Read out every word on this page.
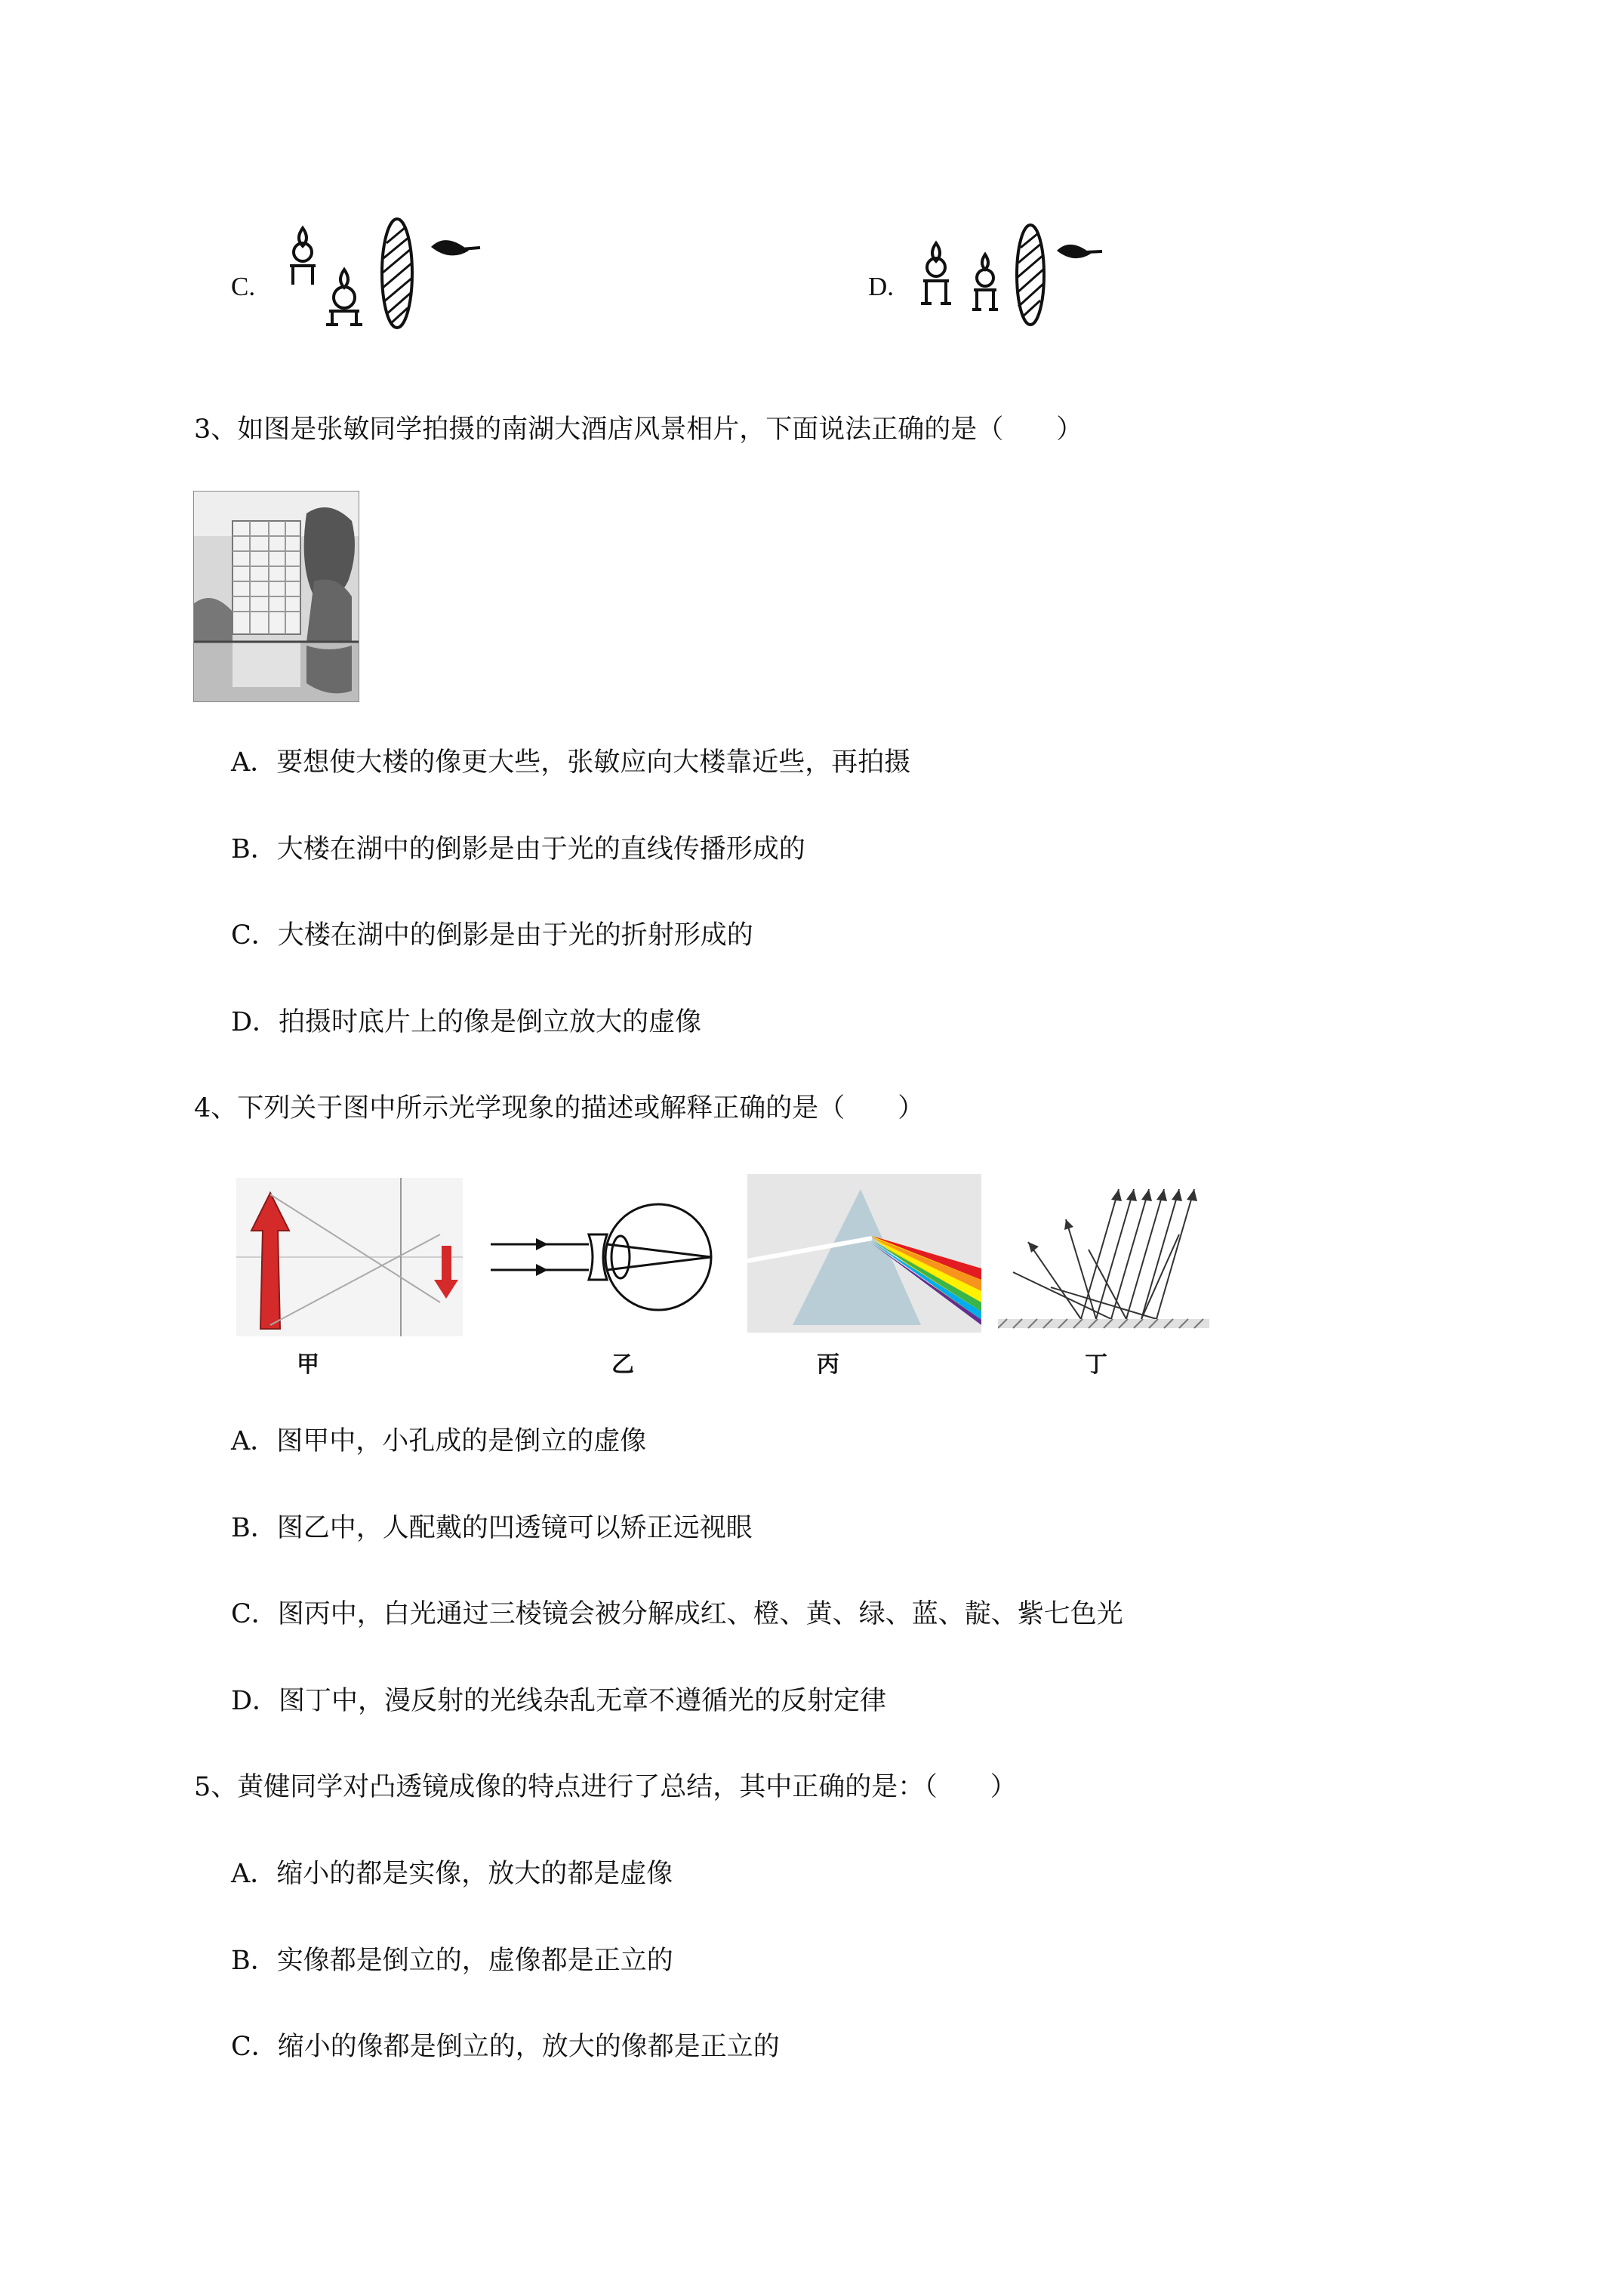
C.	D.
3、如图是张敏同学拍摄的南湖大酒店风景相片，下面说法正确的是（　　）
A．要想使大楼的像更大些，张敏应向大楼靠近些，再拍摄
B．大楼在湖中的倒影是由于光的直线传播形成的
C．大楼在湖中的倒影是由于光的折射形成的
D．拍摄时底片上的像是倒立放大的虚像
4、下列关于图中所示光学现象的描述或解释正确的是（　　）
甲	乙	丙	丁
A．图甲中，小孔成的是倒立的虚像
B．图乙中，人配戴的凹透镜可以矫正远视眼
C．图丙中，白光通过三棱镜会被分解成红、橙、黄、绿、蓝、靛、紫七色光
D．图丁中，漫反射的光线杂乱无章不遵循光的反射定律
5、黄健同学对凸透镜成像的特点进行了总结，其中正确的是：（　　）
A．缩小的都是实像，放大的都是虚像
B．实像都是倒立的，虚像都是正立的
C．缩小的像都是倒立的，放大的像都是正立的
